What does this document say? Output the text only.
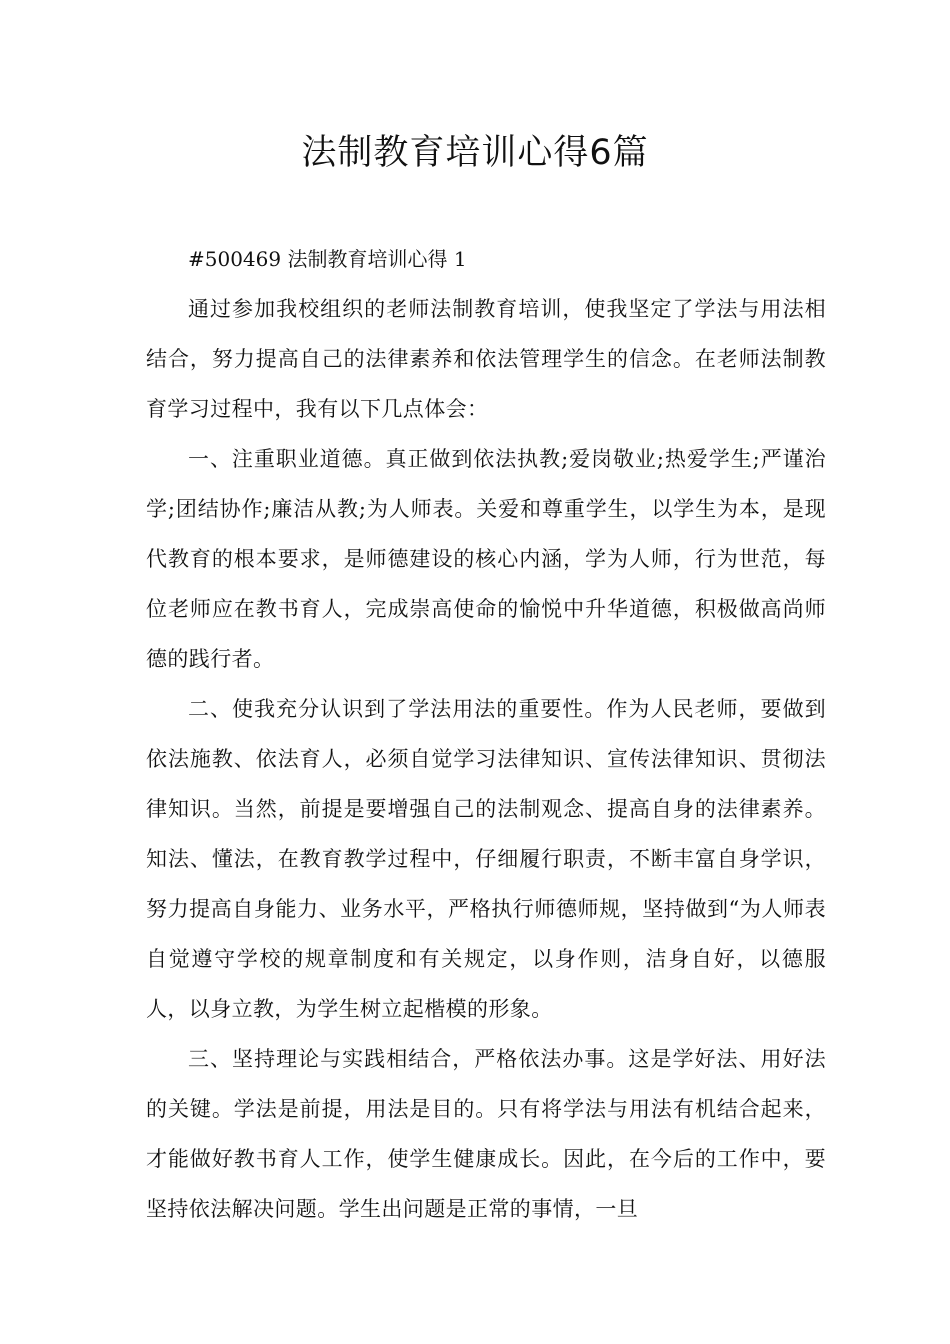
法制教育培训心得6篇

#500469 法制教育培训心得 1

通过参加我校组织的老师法制教育培训，使我坚定了学法与用法相结合，努力提高自己的法律素养和依法管理学生的信念。在老师法制教育学习过程中，我有以下几点体会：

一、注重职业道德。真正做到依法执教;爱岗敬业;热爱学生;严谨治学;团结协作;廉洁从教;为人师表。关爱和尊重学生，以学生为本，是现代教育的根本要求，是师德建设的核心内涵，学为人师，行为世范，每位老师应在教书育人，完成崇高使命的愉悦中升华道德，积极做高尚师德的践行者。

二、使我充分认识到了学法用法的重要性。作为人民老师，要做到依法施教、依法育人，必须自觉学习法律知识、宣传法律知识、贯彻法律知识。当然，前提是要增强自己的法制观念、提高自身的法律素养。知法、懂法，在教育教学过程中，仔细履行职责，不断丰富自身学识，努力提高自身能力、业务水平，严格执行师德师规，坚持做到“为人师表自觉遵守学校的规章制度和有关规定，以身作则，洁身自好，以德服人，以身立教，为学生树立起楷模的形象。

三、坚持理论与实践相结合，严格依法办事。这是学好法、用好法的关键。学法是前提，用法是目的。只有将学法与用法有机结合起来，才能做好教书育人工作，使学生健康成长。因此，在今后的工作中，要坚持依法解决问题。学生出问题是正常的事情，一旦
